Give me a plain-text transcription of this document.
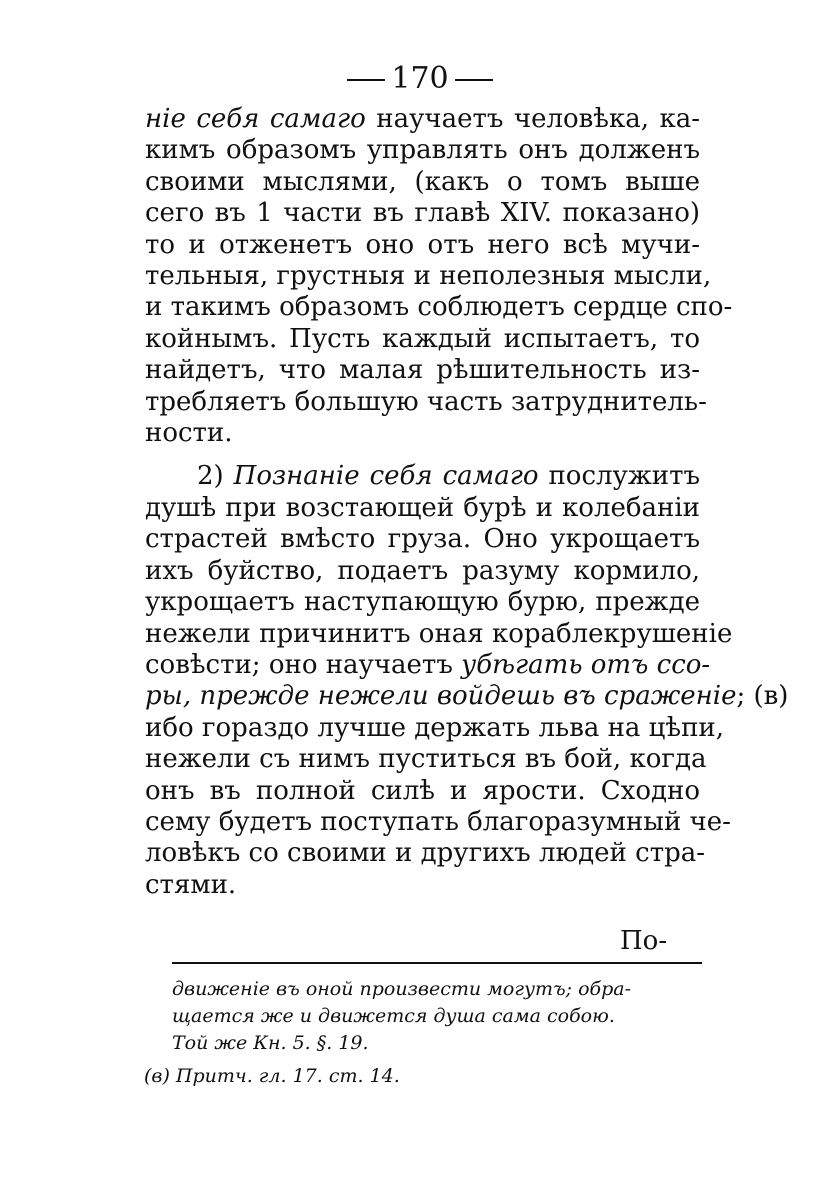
170
ніе себя самаго научаетъ человѣка, ка-
кимъ образомъ управлять онъ долженъ
своими мыслями, (какъ о томъ выше
сего въ 1 части въ главѣ XIV. показано)
то и отженетъ оно отъ него всѣ мучи-
тельныя, грустныя и неполезныя мысли,
и такимъ образомъ соблюдетъ сердце спо-
койнымъ. Пусть каждый испытаетъ, то
найдетъ, что малая рѣшительность из-
требляетъ большую часть затруднитель-
ности.
2) Познаніе себя самаго послужитъ
душѣ при возстающей бурѣ и колебаніи
страстей вмѣсто груза. Оно укрощаетъ
ихъ буйство, подаетъ разуму кормило,
укрощаетъ наступающую бурю, прежде
нежели причинитъ оная кораблекрушеніе
совѣсти; оно научаетъ убѣгать отъ ссо-
ры, прежде нежели войдешь въ сраженіе; (в)
ибо гораздо лучше держать льва на цѣпи,
нежели съ нимъ пуститься въ бой, когда
онъ въ полной силѣ и ярости. Сходно
сему будетъ поступать благоразумный че-
ловѣкъ со своими и другихъ людей стра-
стями.
По-
движеніе въ оной произвести могутъ; обра-
щается же и движется душа сама собою.
Той же Кн. 5. §. 19.
(в) Притч. гл. 17. ст. 14.
